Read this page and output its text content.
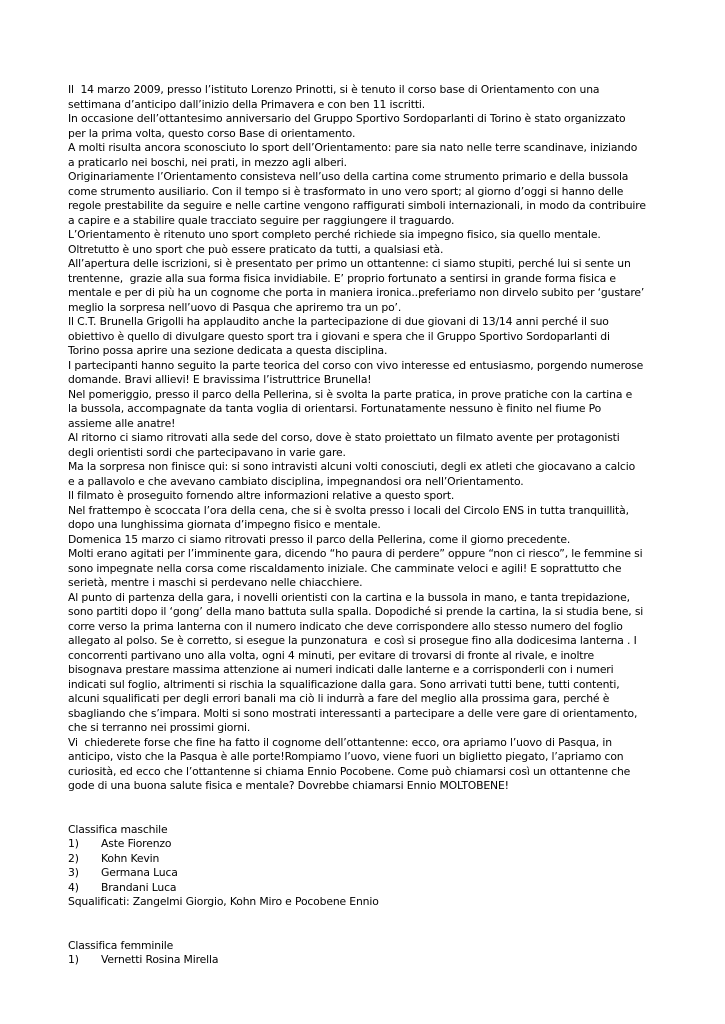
Il  14 marzo 2009, presso l’istituto Lorenzo Prinotti, si è tenuto il corso base di Orientamento con una
settimana d’anticipo dall’inizio della Primavera e con ben 11 iscritti.
In occasione dell’ottantesimo anniversario del Gruppo Sportivo Sordoparlanti di Torino è stato organizzato
per la prima volta, questo corso Base di orientamento.
A molti risulta ancora sconosciuto lo sport dell’Orientamento: pare sia nato nelle terre scandinave, iniziando
a praticarlo nei boschi, nei prati, in mezzo agli alberi.
Originariamente l’Orientamento consisteva nell’uso della cartina come strumento primario e della bussola
come strumento ausiliario. Con il tempo si è trasformato in uno vero sport; al giorno d’oggi si hanno delle
regole prestabilite da seguire e nelle cartine vengono raffigurati simboli internazionali, in modo da contribuire
a capire e a stabilire quale tracciato seguire per raggiungere il traguardo.
L’Orientamento è ritenuto uno sport completo perché richiede sia impegno fisico, sia quello mentale.
Oltretutto è uno sport che può essere praticato da tutti, a qualsiasi età.
All’apertura delle iscrizioni, si è presentato per primo un ottantenne: ci siamo stupiti, perché lui si sente un
trentenne,  grazie alla sua forma fisica invidiabile. E’ proprio fortunato a sentirsi in grande forma fisica e
mentale e per di più ha un cognome che porta in maniera ironica..preferiamo non dirvelo subito per ‘gustare’
meglio la sorpresa nell’uovo di Pasqua che apriremo tra un po’.
Il C.T. Brunella Grigolli ha applaudito anche la partecipazione di due giovani di 13/14 anni perché il suo
obiettivo è quello di divulgare questo sport tra i giovani e spera che il Gruppo Sportivo Sordoparlanti di
Torino possa aprire una sezione dedicata a questa disciplina.
I partecipanti hanno seguito la parte teorica del corso con vivo interesse ed entusiasmo, porgendo numerose
domande. Bravi allievi! E bravissima l’istruttrice Brunella!
Nel pomeriggio, presso il parco della Pellerina, si è svolta la parte pratica, in prove pratiche con la cartina e
la bussola, accompagnate da tanta voglia di orientarsi. Fortunatamente nessuno è finito nel fiume Po
assieme alle anatre!
Al ritorno ci siamo ritrovati alla sede del corso, dove è stato proiettato un filmato avente per protagonisti
degli orientisti sordi che partecipavano in varie gare.
Ma la sorpresa non finisce qui: si sono intravisti alcuni volti conosciuti, degli ex atleti che giocavano a calcio
e a pallavolo e che avevano cambiato disciplina, impegnandosi ora nell’Orientamento.
Il filmato è proseguito fornendo altre informazioni relative a questo sport.
Nel frattempo è scoccata l’ora della cena, che si è svolta presso i locali del Circolo ENS in tutta tranquillità,
dopo una lunghissima giornata d’impegno fisico e mentale.
Domenica 15 marzo ci siamo ritrovati presso il parco della Pellerina, come il giorno precedente.
Molti erano agitati per l’imminente gara, dicendo “ho paura di perdere” oppure “non ci riesco”, le femmine si
sono impegnate nella corsa come riscaldamento iniziale. Che camminate veloci e agili! E soprattutto che
serietà, mentre i maschi si perdevano nelle chiacchiere.
Al punto di partenza della gara, i novelli orientisti con la cartina e la bussola in mano, e tanta trepidazione,
sono partiti dopo il ‘gong’ della mano battuta sulla spalla. Dopodiché si prende la cartina, la si studia bene, si
corre verso la prima lanterna con il numero indicato che deve corrispondere allo stesso numero del foglio
allegato al polso. Se è corretto, si esegue la punzonatura  e così si prosegue fino alla dodicesima lanterna . I
concorrenti partivano uno alla volta, ogni 4 minuti, per evitare di trovarsi di fronte al rivale, e inoltre
bisognava prestare massima attenzione ai numeri indicati dalle lanterne e a corrisponderli con i numeri
indicati sul foglio, altrimenti si rischia la squalificazione dalla gara. Sono arrivati tutti bene, tutti contenti,
alcuni squalificati per degli errori banali ma ciò li indurrà a fare del meglio alla prossima gara, perché è
sbagliando che s’impara. Molti si sono mostrati interessanti a partecipare a delle vere gare di orientamento,
che si terranno nei prossimi giorni.
Vi  chiederete forse che fine ha fatto il cognome dell’ottantenne: ecco, ora apriamo l’uovo di Pasqua, in
anticipo, visto che la Pasqua è alle porte!Rompiamo l’uovo, viene fuori un biglietto piegato, l’apriamo con
curiosità, ed ecco che l’ottantenne si chiama Ennio Pocobene. Come può chiamarsi così un ottantenne che
gode di una buona salute fisica e mentale? Dovrebbe chiamarsi Ennio MOLTOBENE!
Classifica maschile
1) Aste Fiorenzo
2) Kohn Kevin
3) Germana Luca
4) Brandani Luca
Squalificati: Zangelmi Giorgio, Kohn Miro e Pocobene Ennio
Classifica femminile
1) Vernetti Rosina Mirella
